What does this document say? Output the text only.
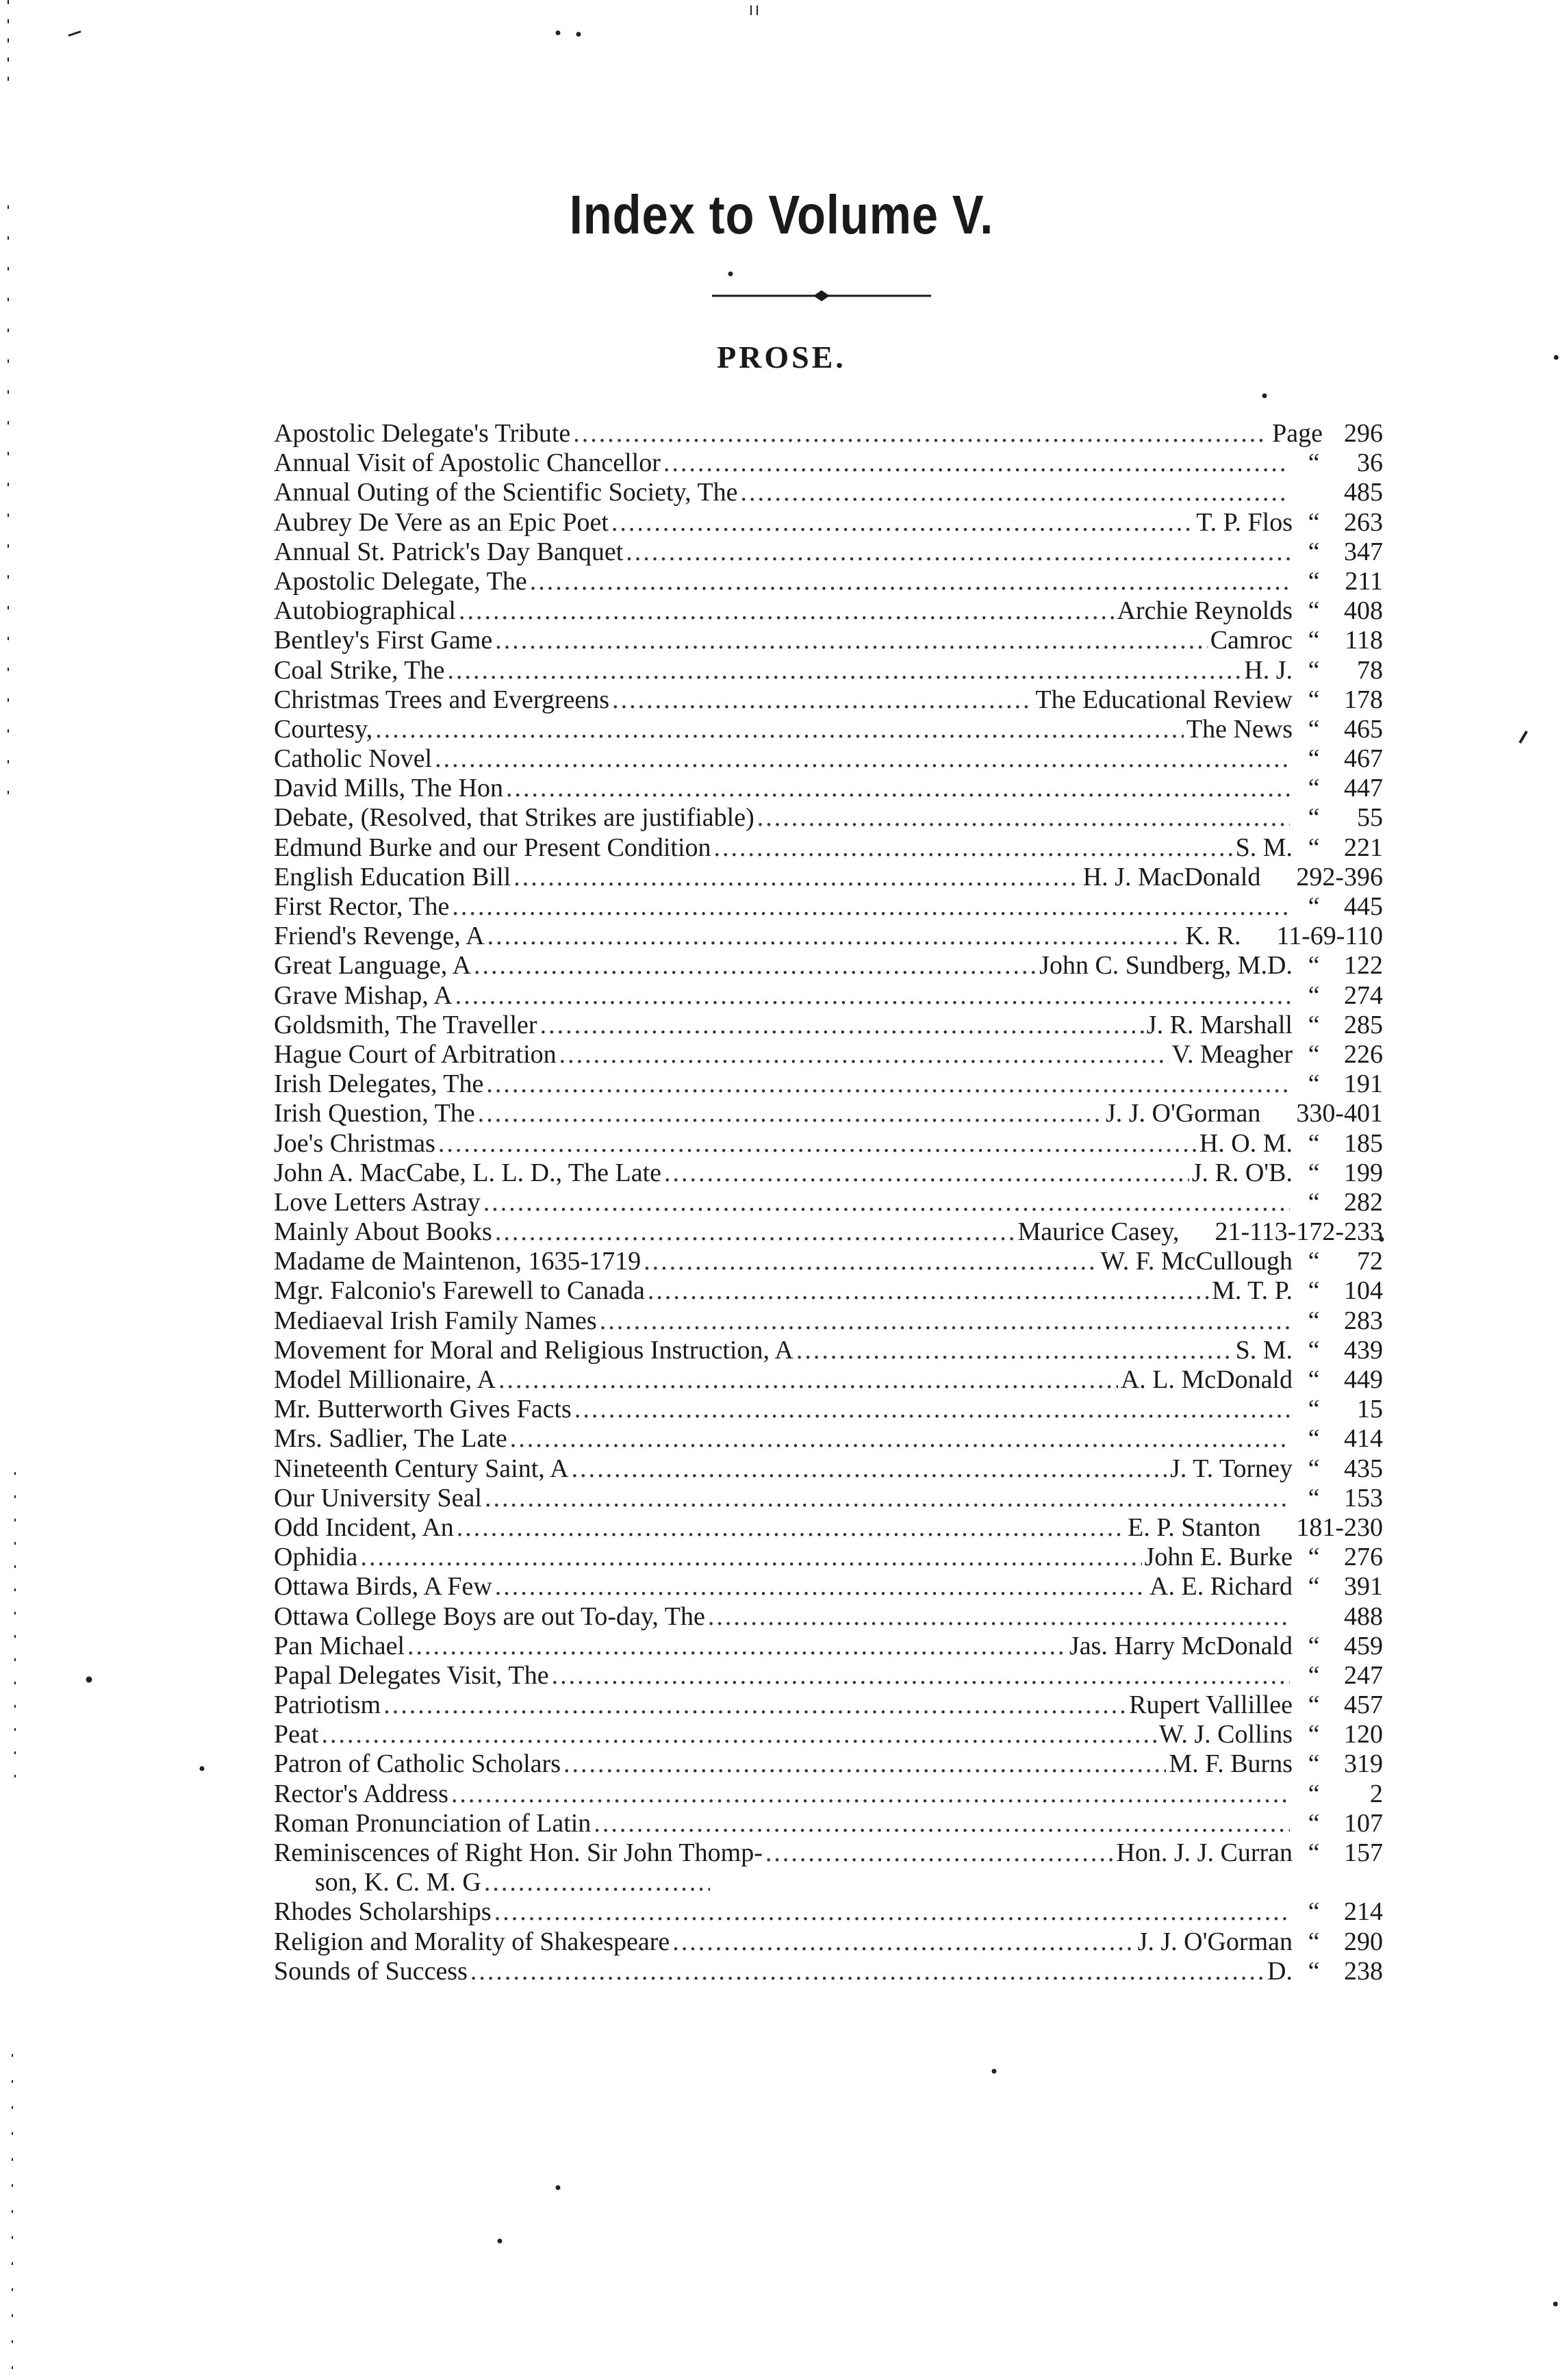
Index to Volume V.
PROSE.
Apostolic Delegate's Tribute .....	Page 296
Annual Visit of Apostolic Chancellor .....	“	36
Annual Outing of the Scientific Society, The .....	485
Aubrey De Vere as an Epic Poet .....	T. P. Flos “ 263
Annual St. Patrick's Day Banquet .....	“ 347
Apostolic Delegate, The .....	“ 211
Autobiographical .....	Archie Reynolds “ 408
Bentley's First Game .....	Camroc “ 118
Coal Strike, The .....	H. J. “	78
Christmas Trees and Evergreens .....	The Educational Review “ 178
Courtesy, .....	The News “ 465
Catholic Novel .....	“ 467
David Mills, The Hon .....	“ 447
Debate, (Resolved, that Strikes are justifiable) .....	“	55
Edmund Burke and our Present Condition .....	S. M. “ 221
English Education Bill .....	H. J. MacDonald 292-396
First Rector, The .....	“ 445
Friend's Revenge, A .....	K. R. 11-69-110
Great Language, A .....	John C. Sundberg, M.D. “ 122
Grave Mishap, A .....	“ 274
Goldsmith, The Traveller .....	J. R. Marshall “ 285
Hague Court of Arbitration .....	V. Meagher “ 226
Irish Delegates, The .....	“ 191
Irish Question, The .....	J. J. O'Gorman 330-401
Joe's Christmas .....	H. O. M. “ 185
John A. MacCabe, L. L. D., The Late .....	J. R. O'B. “ 199
Love Letters Astray .....	“ 282
Mainly About Books .....	Maurice Casey, 21-113-172-233
Madame de Maintenon, 1635-1719 .....	W. F. McCullough “	72
Mgr. Falconio's Farewell to Canada .....	M. T. P. “ 104
Mediaeval Irish Family Names .....	“ 283
Movement for Moral and Religious Instruction, A .....	S. M. “ 439
Model Millionaire, A .....	A. L. McDonald “ 449
Mr. Butterworth Gives Facts .....	“	15
Mrs. Sadlier, The Late .....	“ 414
Nineteenth Century Saint, A .....	J. T. Torney “ 435
Our University Seal .....	“ 153
Odd Incident, An .....	E. P. Stanton 181-230
Ophidia .....	John E. Burke “ 276
Ottawa Birds, A Few .....	A. E. Richard “ 391
Ottawa College Boys are out To-day, The .....	488
Pan Michael .....	Jas. Harry McDonald “ 459
Papal Delegates Visit, The .....	“ 247
Patriotism .....	Rupert Vallillee “ 457
Peat .....	W. J. Collins “ 120
Patron of Catholic Scholars .....	M. F. Burns “ 319
Rector's Address .....	“	2
Roman Pronunciation of Latin .....	“ 107
Reminiscences of Right Hon. Sir John Thomp- .....	Hon. J. J. Curran “ 157
son, K. C. M. G
.....
Rhodes Scholarships .....	“ 214
Religion and Morality of Shakespeare .....	J. J. O'Gorman “ 290
Sounds of Success .....	D. “ 238
